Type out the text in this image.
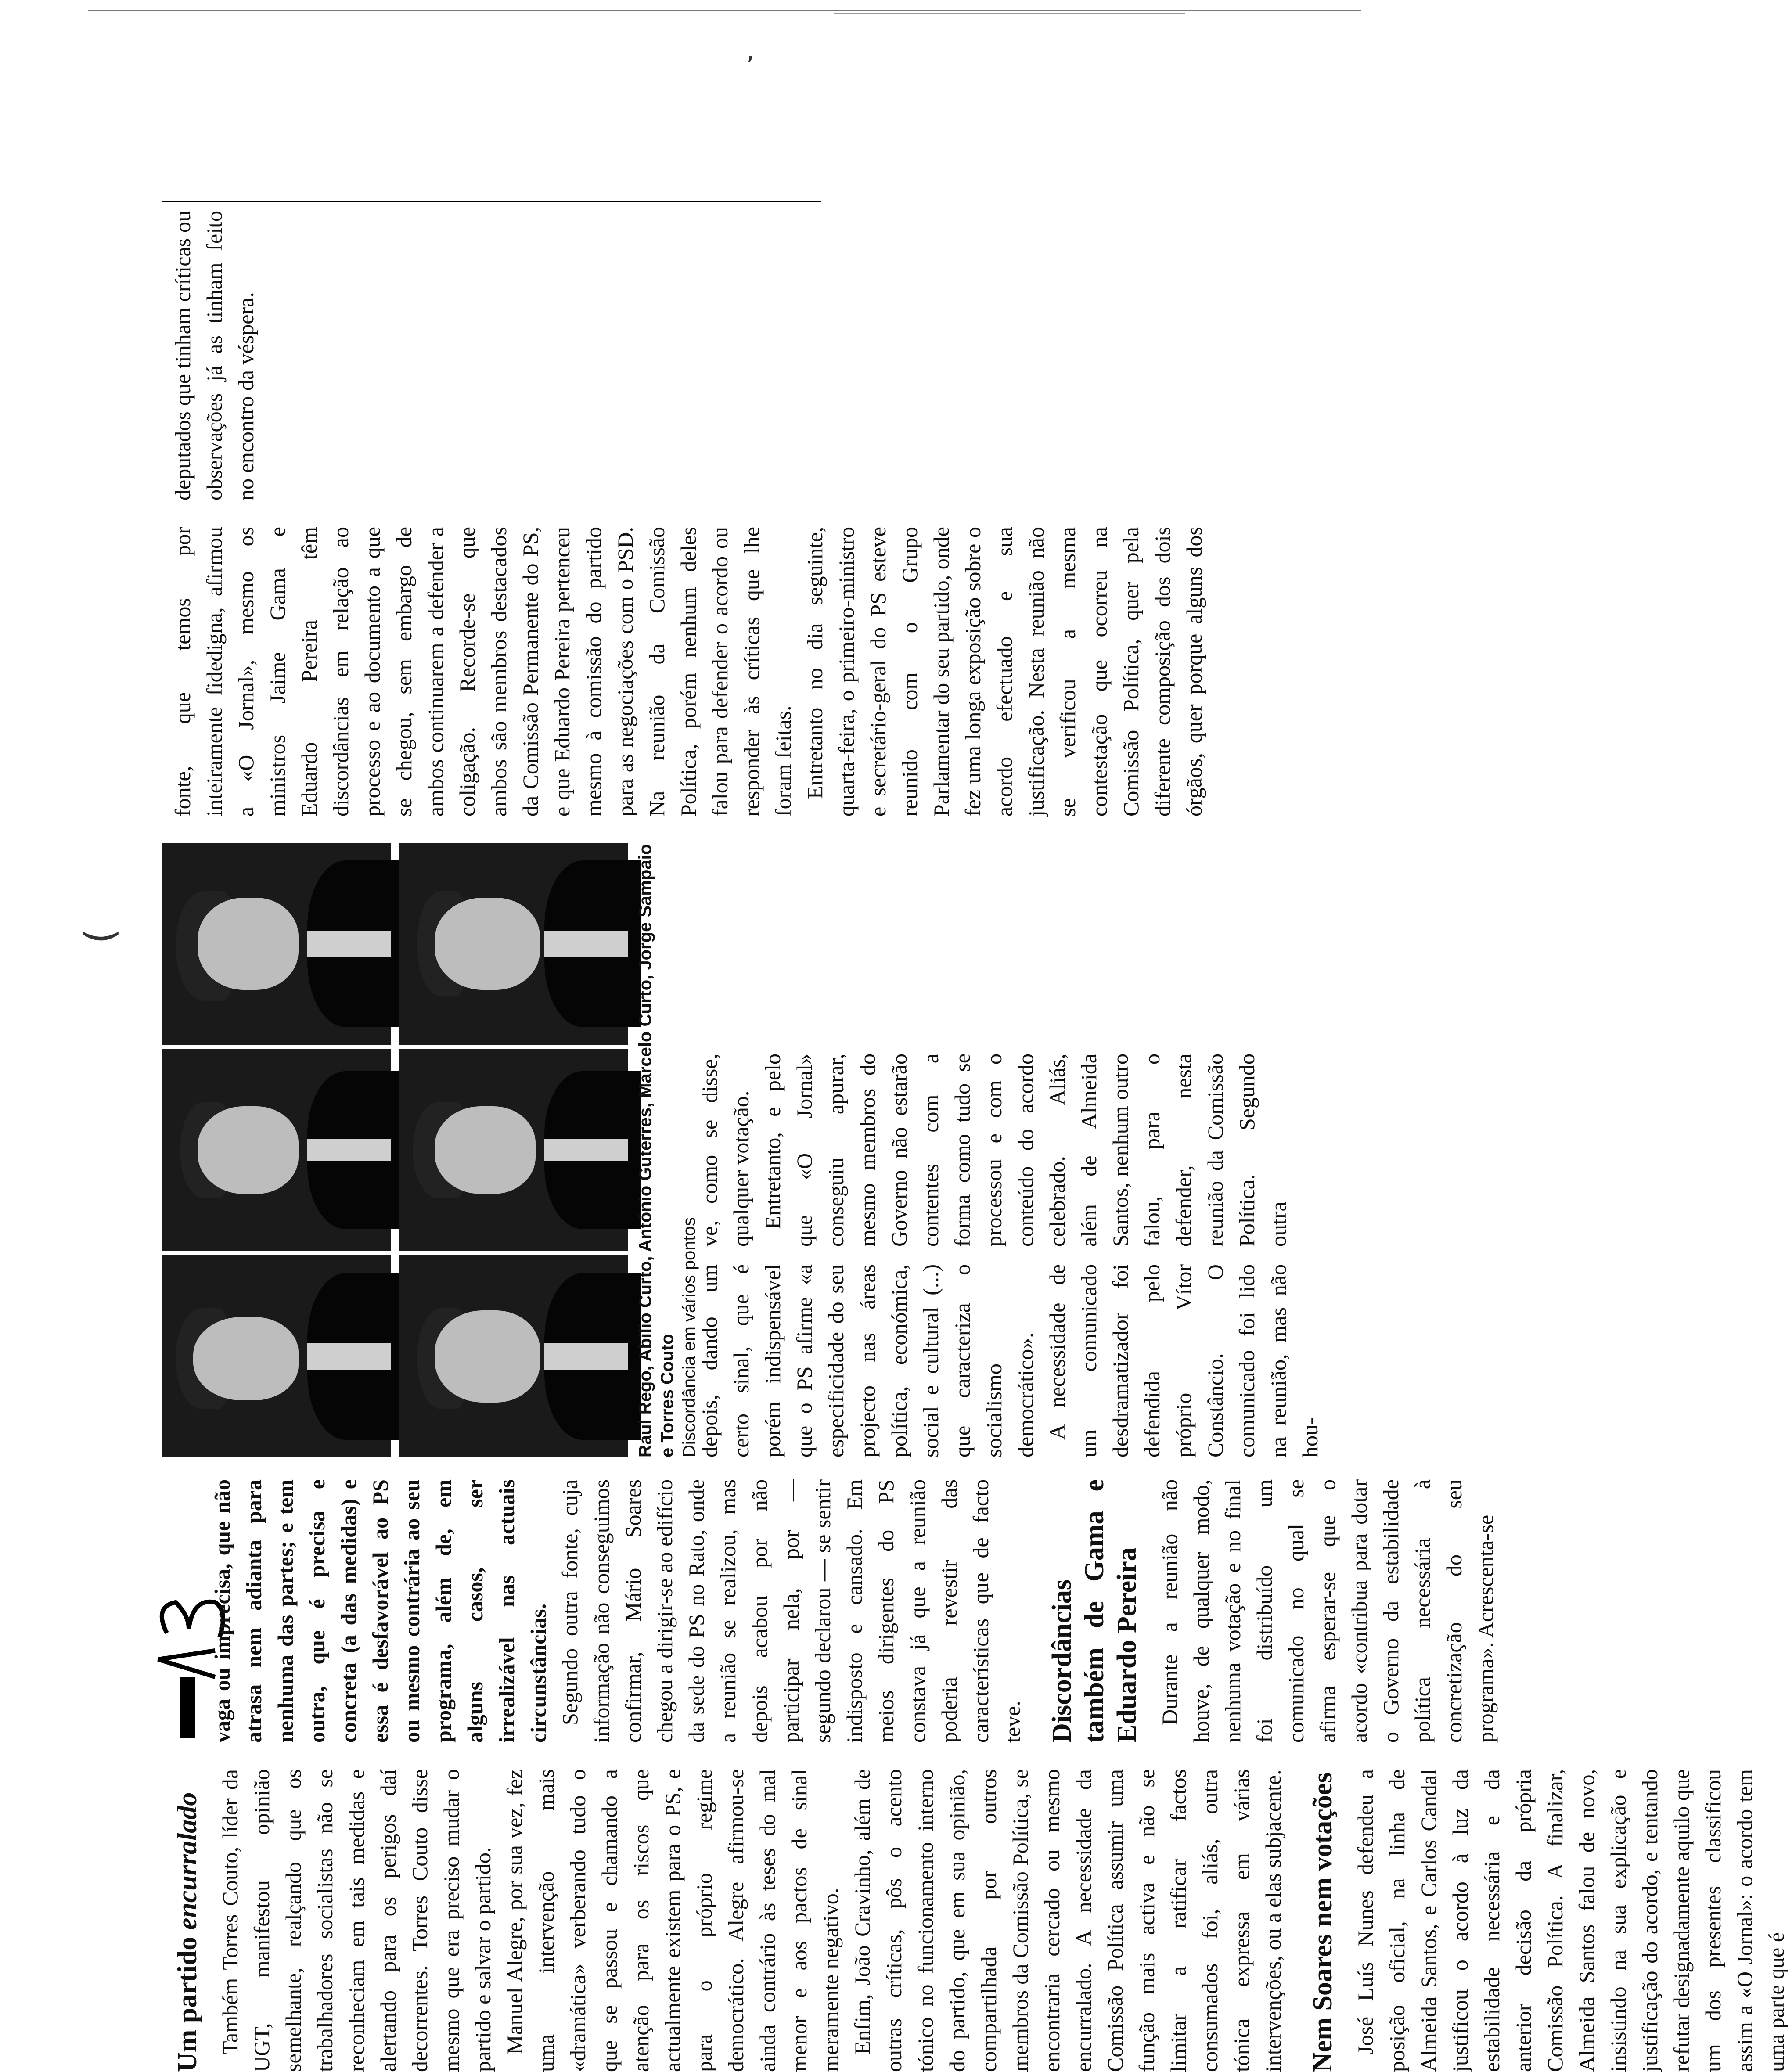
,
(
Um partido encurralado Também Torres Couto, líder da UGT, manifestou opinião semelhante, realçando que os trabalhadores socialistas não se reconheciam em tais medidas e alertando para os perigos daí decorrentes. Torres Couto disse mesmo que era preciso mudar o partido e salvar o partido. Manuel Alegre, por sua vez, fez uma intervenção mais «dramática» verberando tudo o que se passou e chamando a atenção para os riscos que actualmente existem para o PS, e para o próprio regime democrático. Alegre afirmou-se ainda contrário às teses do mal menor e aos pactos de sinal meramente negativo. Enfim, João Cravinho, além de outras críticas, pôs o acento tónico no funcionamento interno do partido, que em sua opinião, compartilhada por outros membros da Comissão Política, se encontraria cercado ou mesmo encurralado. A necessidade da Comissão Política assumir uma função mais activa e não se limitar a ratificar factos consumados foi, aliás, outra tónica expressa em várias intervenções, ou a elas subjacente. Nem Soares nem votações José Luís Nunes defendeu a posição oficial, na linha de Almeida Santos, e Carlos Candal justificou o acordo à luz da estabilidade necessária e da anterior decisão da própria Comissão Política. A finalizar, Almeida Santos falou de novo, insistindo na sua explicação e justificação do acordo, e tentando refutar designadamente aquilo que um dos presentes classificou assim a «O Jornal»: o acordo tem uma parte que é

vaga ou imprecisa, que não atrasa nem adianta para nenhuma das partes; e tem outra, que é precisa e concreta (a das medidas) e essa é desfavorável ao PS ou mesmo contrária ao seu programa, além de, em alguns casos, ser irrealizável nas actuais circunstâncias. Segundo outra fonte, cuja informação não conseguimos confirmar, Mário Soares chegou a dirigir-se ao edifício da sede do PS no Rato, onde a reunião se realizou, mas depois acabou por não participar nela, por — segundo declarou — se sentir indisposto e cansado. Em meios dirigentes do PS constava já que a reunião poderia revestir das características que de facto teve. Discordâncias também de Gama e Eduardo Pereira Durante a reunião não houve, de qualquer modo, nenhuma votação e no final foi distribuído um comunicado no qual se afirma esperar-se que o acordo «contribua para dotar o Governo da estabilidade política necessária à concretização do seu programa». Acrescenta-se

Raul Rego, Abílio Curto, António Guterres, Marcelo Curto, Jorge Sampaio e Torres Couto Discordância em vários pontos

depois, dando um certo sinal, que é porém indispensável que o PS afirme «a especificidade do seu projecto nas áreas política, económica, social e cultural (...) que caracteriza o socialismo democrático». A necessidade de um comunicado desdramatizador foi defendida pelo próprio Vítor Constâncio. O comunicado foi lido na reunião, mas não hou-

ve, como se disse, qualquer votação. Entretanto, e pelo que «O Jornal» conseguiu apurar, mesmo membros do Governo não estarão contentes com a forma como tudo se processou e com o conteúdo do acordo celebrado. Aliás, além de Almeida Santos, nenhum outro falou, para o defender, nesta reunião da Comissão Política. Segundo outra

fonte, que temos por inteiramente fidedigna, afirmou a «O Jornal», mesmo os ministros Jaime Gama e Eduardo Pereira têm discordâncias em relação ao processo e ao documento a que se chegou, sem embargo de ambos continuarem a defender a coligação. Recorde-se que ambos são membros destacados da Comissão Permanente do PS, e que Eduardo Pereira pertenceu mesmo à comissão do partido para as negociações com o PSD. Na reunião da Comissão Política, porém nenhum deles falou para defender o acordo ou responder às críticas que lhe foram feitas. Entretanto no dia seguinte, quarta-feira, o primeiro-ministro e secretário-geral do PS esteve reunido com o Grupo Parlamentar do seu partido, onde fez uma longa exposição sobre o acordo efectuado e sua justificação. Nesta reunião não se verificou a mesma contestação que ocorreu na Comissão Política, quer pela diferente composição dos dois órgãos, quer porque alguns dos deputados que tinham críticas ou observações já as tinham feito no encontro da véspera.
